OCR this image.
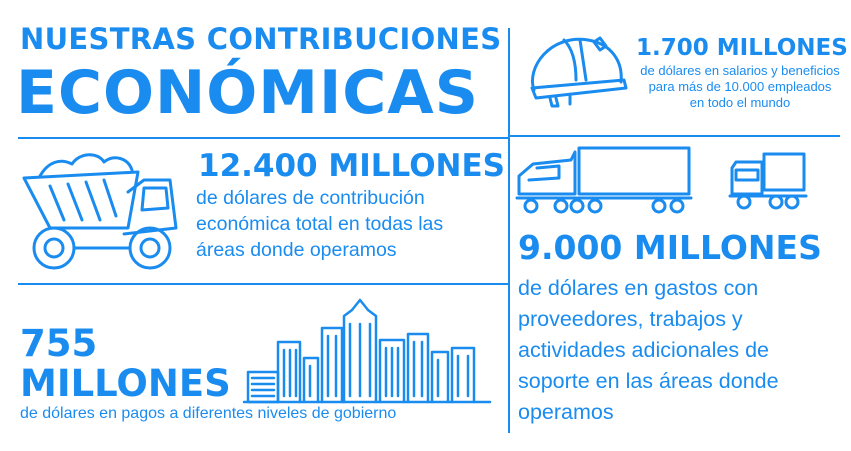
NUESTRAS CONTRIBUCIONES
ECONÓMICAS
1.700 MILLONES
de dólares en salarios y beneficios para más de 10.000 empleados en todo el mundo
12.400 MILLONES
de dólares de contribución económica total en todas las áreas donde operamos	9.000 MILLONES
de dólares en gastos con proveedores, trabajos y actividades adicionales de soporte en las áreas donde operamos
755 MILLONES
de dólares en pagos a diferentes niveles de gobierno
